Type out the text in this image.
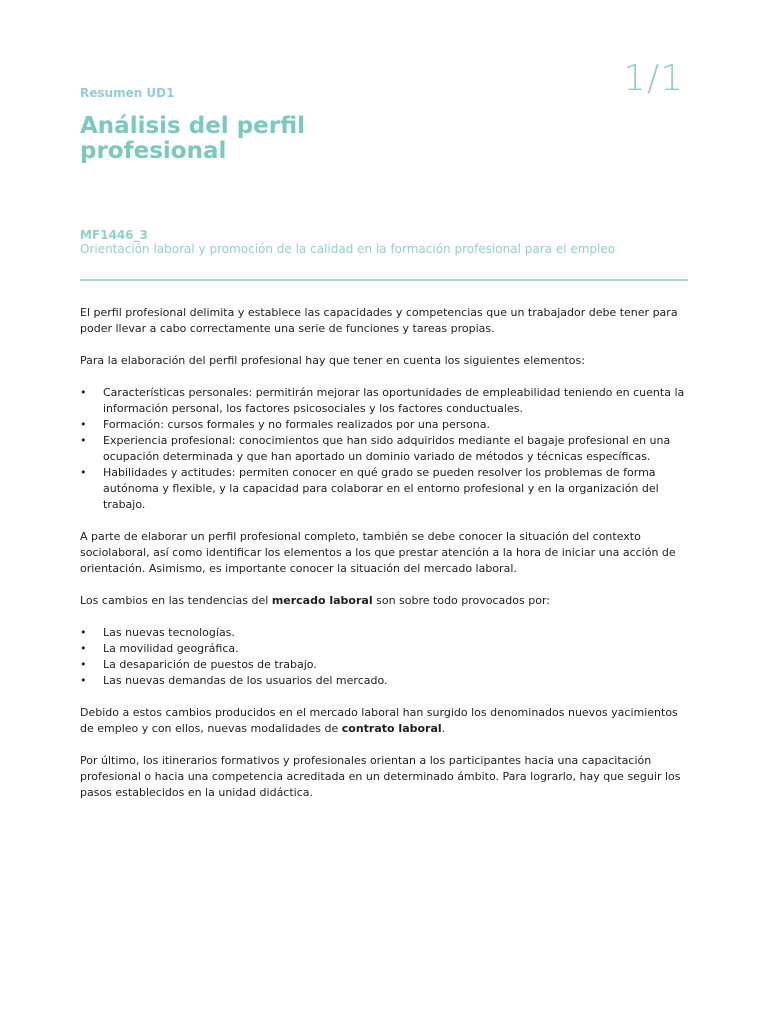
1/1
Resumen UD1
Análisis del perfil profesional
MF1446_3
Orientación laboral y promoción de la calidad en la formación profesional para el empleo

El perfil profesional delimita y establece las capacidades y competencias que un trabajador debe tener para poder llevar a cabo correctamente una serie de funciones y tareas propias.

Para la elaboración del perfil profesional hay que tener en cuenta los siguientes elementos:

• Características personales: permitirán mejorar las oportunidades de empleabilidad teniendo en cuenta la información personal, los factores psicosociales y los factores conductuales.
• Formación: cursos formales y no formales realizados por una persona.
• Experiencia profesional: conocimientos que han sido adquiridos mediante el bagaje profesional en una ocupación determinada y que han aportado un dominio variado de métodos y técnicas específicas.
• Habilidades y actitudes: permiten conocer en qué grado se pueden resolver los problemas de forma autónoma y flexible, y la capacidad para colaborar en el entorno profesional y en la organización del trabajo.

A parte de elaborar un perfil profesional completo, también se debe conocer la situación del contexto sociolaboral, así como identificar los elementos a los que prestar atención a la hora de iniciar una acción de orientación. Asimismo, es importante conocer la situación del mercado laboral.

Los cambios en las tendencias del mercado laboral son sobre todo provocados por:

• Las nuevas tecnologías.
• La movilidad geográfica.
• La desaparición de puestos de trabajo.
• Las nuevas demandas de los usuarios del mercado.

Debido a estos cambios producidos en el mercado laboral han surgido los denominados nuevos yacimientos de empleo y con ellos, nuevas modalidades de contrato laboral.

Por último, los itinerarios formativos y profesionales orientan a los participantes hacia una capacitación profesional o hacia una competencia acreditada en un determinado ámbito. Para lograrlo, hay que seguir los pasos establecidos en la unidad didáctica.
